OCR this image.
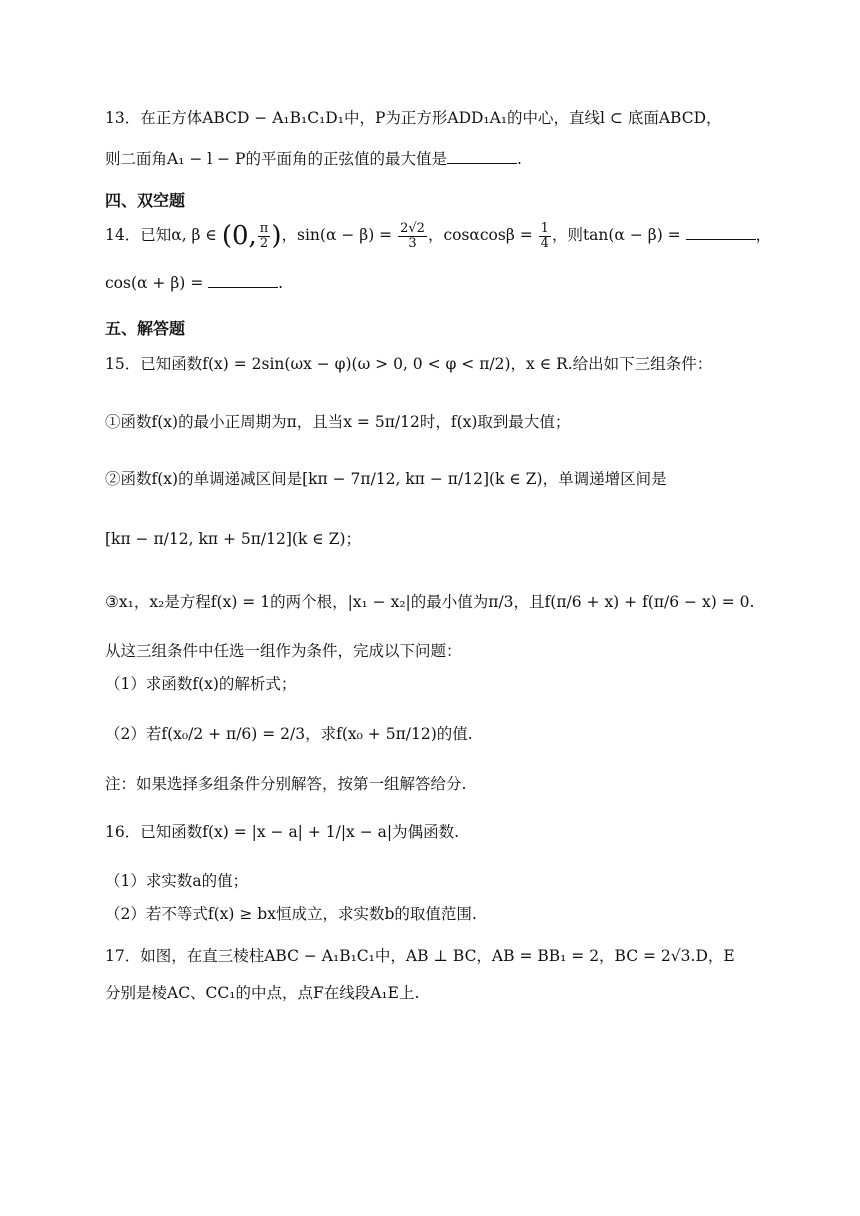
13．在正方体ABCD − A₁B₁C₁D₁中，P为正方形ADD₁A₁的中心，直线l ⊂ 底面ABCD，
则二面角A₁ − l − P的平面角的正弦值的最大值是	.
四、双空题
14．已知α, β ∈ (0, $\frac{\pi}{2}$ )，$\sin(\alpha - \beta) = \frac{2√2}{3}$ ，$\cos\alpha\cos\beta = \frac{1}{4}$ ，则tan(α − β) =	，
cos(α + β) =	.
五、解答题
15．已知函数f(x) = 2sin(ωx − φ)(ω > 0, 0 < φ < π/2)，x ∈ R.给出如下三组条件：
①函数f(x)的最小正周期为π，且当x = 5π/12时，f(x)取到最大值；
②函数f(x)的单调递减区间是[kπ − 7π/12, kπ − π/12](k ∈ Z)，单调递增区间是
[kπ − π/12, kπ + 5π/12](k ∈ Z)；
③x₁，x₂是方程f(x) = 1的两个根，|x₁ − x₂|的最小值为π/3，且f(π/6 + x) + f(π/6 − x) = 0.
从这三组条件中任选一组作为条件，完成以下问题：
（1）求函数f(x)的解析式；
（2）若f(x₀/2 + π/6) = 2/3，求f(x₀ + 5π/12)的值.
注：如果选择多组条件分别解答，按第一组解答给分.
16．已知函数f(x) = |x − a| + 1/|x − a|为偶函数.
（1）求实数a的值；
（2）若不等式f(x) ≥ bx恒成立，求实数b的取值范围.
17．如图，在直三棱柱ABC − A₁B₁C₁中，AB ⊥ BC，AB = BB₁ = 2，BC = 2√3.D，E
分别是棱AC、CC₁的中点，点F在线段A₁E上.
